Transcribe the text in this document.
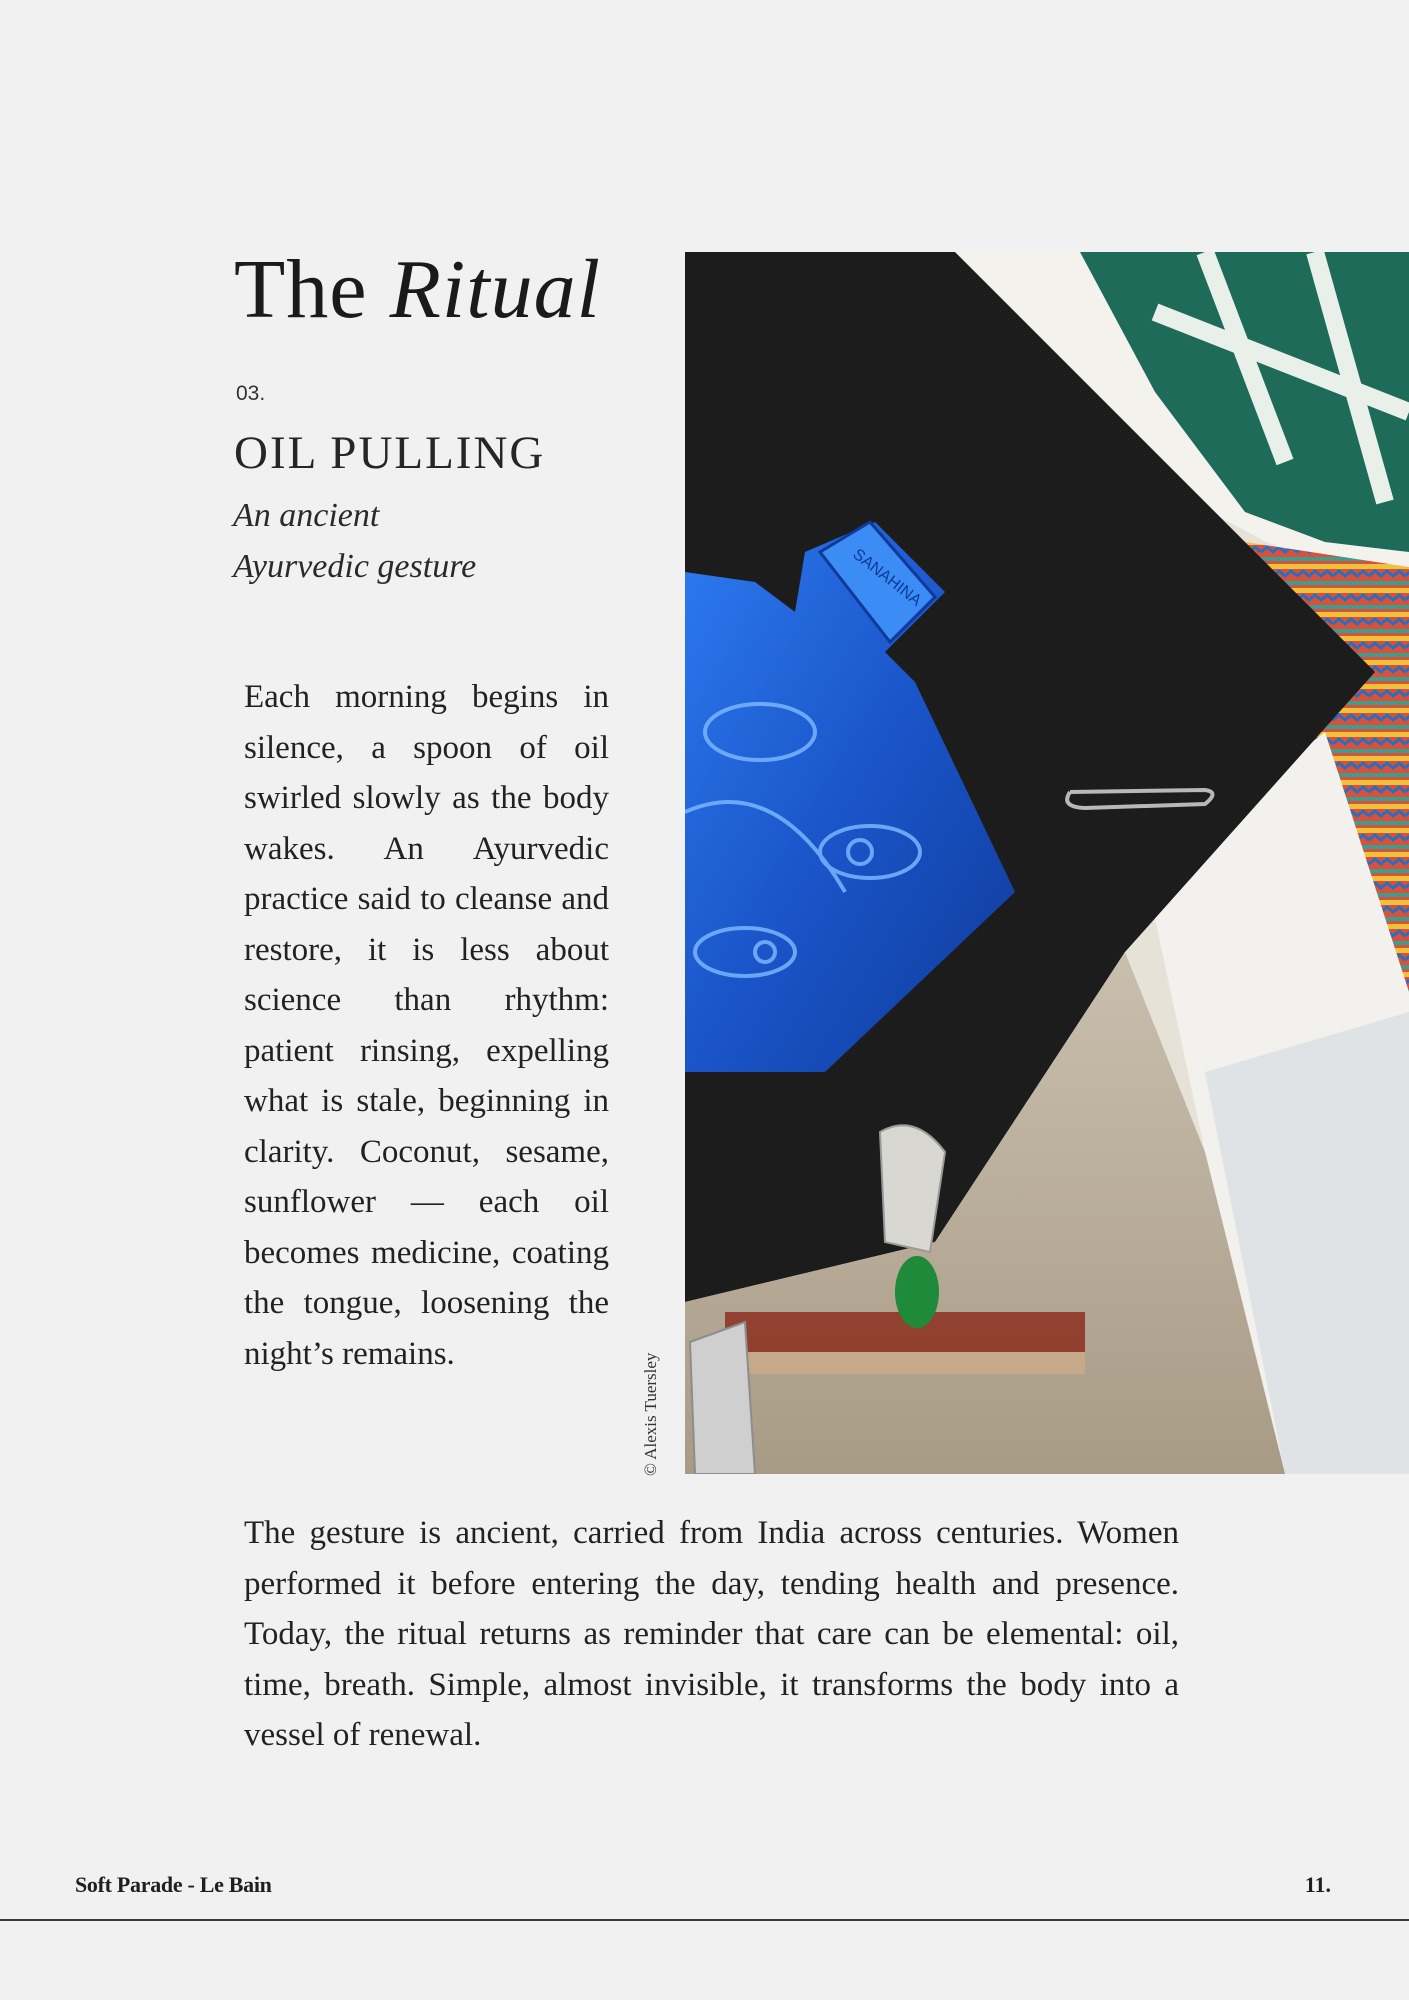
The Ritual
03.
OIL PULLING
An ancient
Ayurvedic gesture

Each morning begins in silence, a spoon of oil swirled slowly as the body wakes. An Ayurvedic practice said to cleanse and restore, it is less about science than rhythm: patient rinsing, expelling what is stale, beginning in clarity. Coconut, sesame, sunflower — each oil becomes medicine, coating the tongue, loosening the night’s remains.	© Alexis Tuersley
SANAHINA

The gesture is ancient, carried from India across centuries. Women performed it before entering the day, tending health and presence. Today, the ritual returns as reminder that care can be elemental: oil, time, breath. Simple, almost invisible, it transforms the body into a vessel of renewal.

Soft Parade - Le Bain	11.
